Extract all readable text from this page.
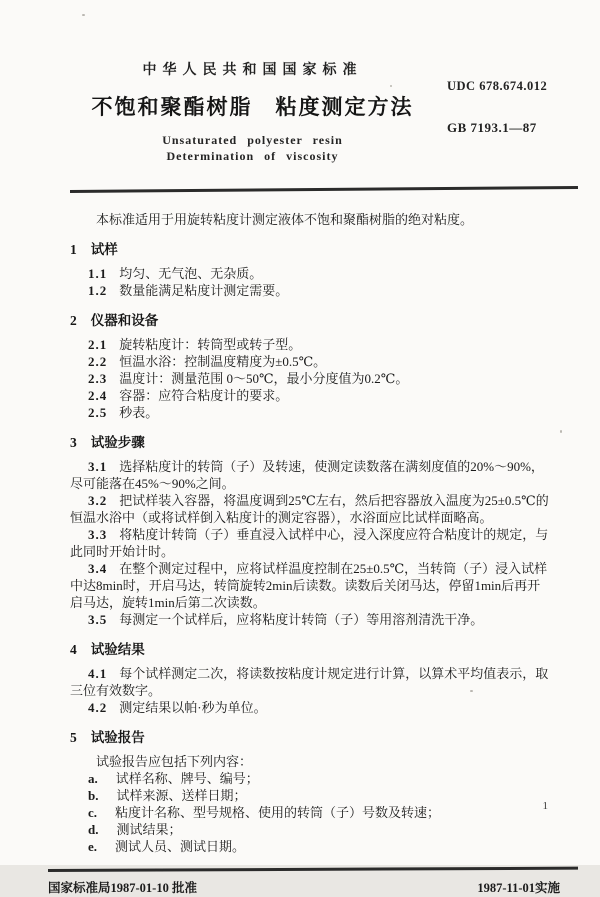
中华人民共和国国家标准
不饱和聚酯树脂　粘度测定方法
Unsaturated polyester resin
Determination of viscosity
UDC 678.674.012
GB 7193.1—87

本标准适用于用旋转粘度计测定液体不饱和聚酯树脂的绝对粘度。

1 试样

1.1 均匀、无气泡、无杂质。

1.2 数量能满足粘度计测定需要。

2 仪器和设备

2.1 旋转粘度计：转筒型或转子型。

2.2 恒温水浴：控制温度精度为±0.5℃。

2.3 温度计：测量范围 0～50℃，最小分度值为0.2℃。

2.4 容器：应符合粘度计的要求。

2.5 秒表。

3 试验步骤

3.1 选择粘度计的转筒（子）及转速，使测定读数落在满刻度值的20%～90%，尽可能落在45%～90%之间。

3.2 把试样装入容器，将温度调到25℃左右，然后把容器放入温度为25±0.5℃的恒温水浴中（或将试样倒入粘度计的测定容器），水浴面应比试样面略高。

3.3 将粘度计转筒（子）垂直浸入试样中心，浸入深度应符合粘度计的规定，与此同时开始计时。

3.4 在整个测定过程中，应将试样温度控制在25±0.5℃，当转筒（子）浸入试样中达8min时，开启马达，转筒旋转2min后读数。读数后关闭马达，停留1min后再开启马达，旋转1min后第二次读数。

3.5 每测定一个试样后，应将粘度计转筒（子）等用溶剂清洗干净。

4 试验结果

4.1 每个试样测定二次，将读数按粘度计规定进行计算，以算术平均值表示，取三位有效数字。

4.2 测定结果以帕·秒为单位。

5 试验报告

试验报告应包括下列内容：

a. 试样名称、牌号、编号；

b. 试样来源、送样日期；

c. 粘度计名称、型号规格、使用的转筒（子）号数及转速；

d. 测试结果；

e. 测试人员、测试日期。

国家标准局1987-01-10 批准	1987-11-01实施
1
